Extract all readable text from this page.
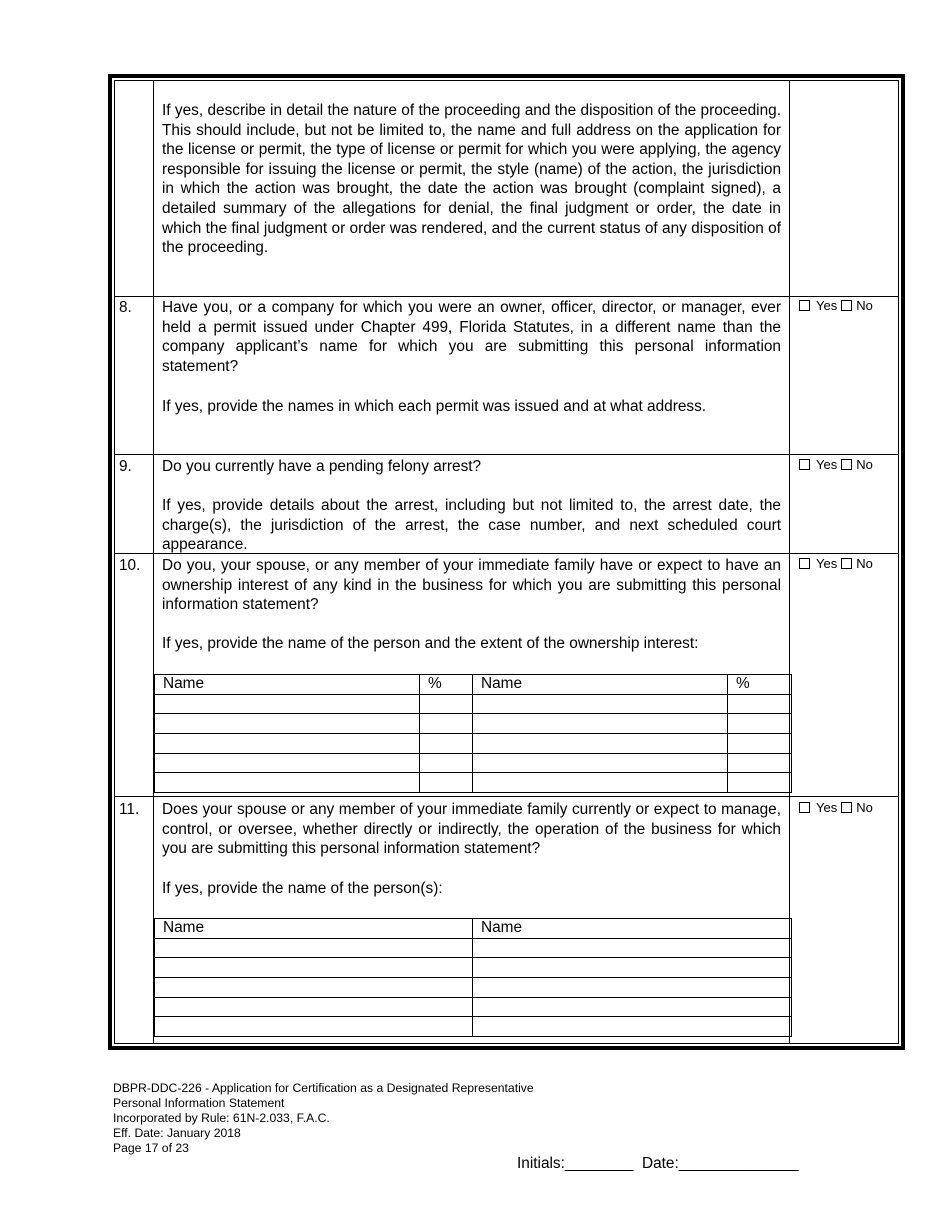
If yes, describe in detail the nature of the proceeding and the disposition of the proceeding. This should include, but not be limited to, the name and full address on the application for the license or permit, the type of license or permit for which you were applying, the agency responsible for issuing the license or permit, the style (name) of the action, the jurisdiction in which the action was brought, the date the action was brought (complaint signed), a detailed summary of the allegations for denial, the final judgment or order, the date in which the final judgment or order was rendered, and the current status of any disposition of the proceeding.
8. Have you, or a company for which you were an owner, officer, director, or manager, ever held a permit issued under Chapter 499, Florida Statutes, in a different name than the company applicant’s name for which you are submitting this personal information statement?
If yes, provide the names in which each permit was issued and at what address.
Yes No
9. Do you currently have a pending felony arrest?
If yes, provide details about the arrest, including but not limited to, the arrest date, the charge(s), the jurisdiction of the arrest, the case number, and next scheduled court appearance.
Yes No
10. Do you, your spouse, or any member of your immediate family have or expect to have an ownership interest of any kind in the business for which you are submitting this personal information statement?
If yes, provide the name of the person and the extent of the ownership interest:
Yes No
Name	%	Name	%

11. Does your spouse or any member of your immediate family currently or expect to manage, control, or oversee, whether directly or indirectly, the operation of the business for which you are submitting this personal information statement?
If yes, provide the name of the person(s):
Yes No
Name	Name

DBPR-DDC-226 - Application for Certification as a Designated Representative
Personal Information Statement
Incorporated by Rule: 61N-2.033, F.A.C.
Eff. Date: January 2018
Page 17 of 23
Initials:________ Date:______________
